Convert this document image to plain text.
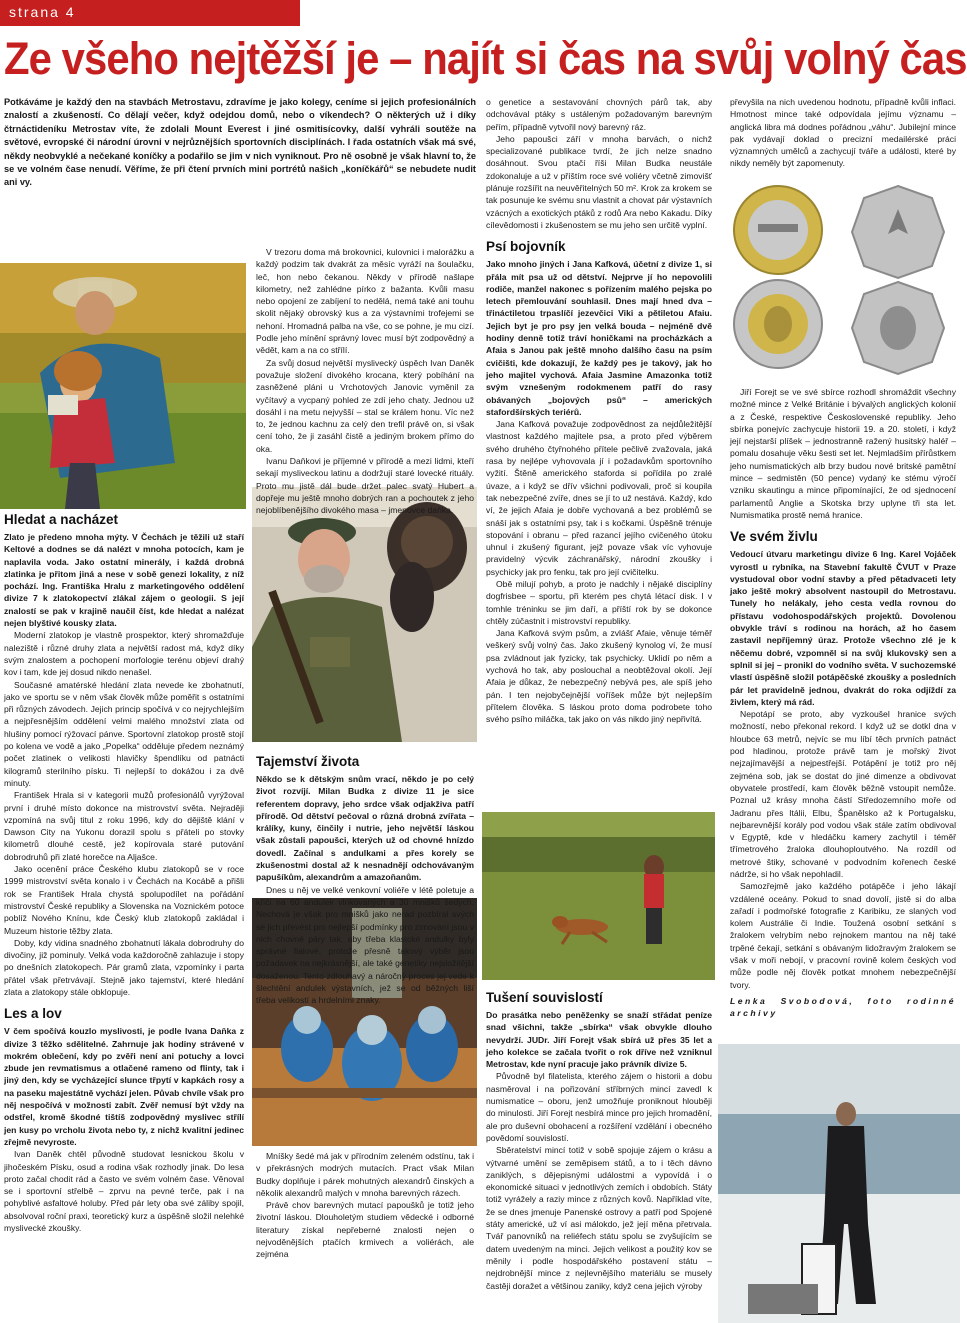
strana 4
Ze všeho nejtěžší je – najít si čas na svůj volný čas
Potkáváme je každý den na stavbách Metrostavu, zdravíme je jako kolegy, ceníme si jejich profesionálních znalostí a zkušeností. Co dělají večer, když odejdou domů, nebo o víkendech? O některých už i díky čtrnáctideníku Metrostav víte, že zdolali Mount Everest i jiné osmitisícovky, další vyhráli soutěže na světové, evropské či národní úrovni v nejrůznějších sportovních disciplínách. I řada ostatních však má své, někdy neobvyklé a nečekané koníčky a podařilo se jim v nich vyniknout. Pro ně osobně je však hlavní to, že se ve volném čase nenudí. Věříme, že při čtení prvních mini portrétů našich „koníčkářů“ se nebudete nudit ani vy.
Hledat a nacházet

Zlato je předeno mnoha mýty. V Čechách je těžili už staří Keltové a dodnes se dá nalézt v mnoha potocích, kam je naplavila voda. Jako ostatní minerály, i každá drobná zlatinka je přitom jiná a nese v sobě genezi lokality, z níž pochází. Ing. Františka Hralu z marketingového oddělení divize 7 k zlatokopectví zlákal zájem o geologii. S její znalostí se pak v krajině naučil číst, kde hledat a nalézat nejen blyštivé kousky zlata.

Moderní zlatokop je vlastně prospektor, který shromažďuje naleziště i různé druhy zlata a největší radost má, když díky svým znalostem a pochopení morfologie terénu objeví drahý kov i tam, kde jej dosud nikdo nenašel.

Současné amatérské hledání zlata nevede ke zbohatnutí, jako ve sportu se v něm však člověk může poměřit s ostatními při různých závodech. Jejich princip spočívá v co nejrychlejším a nejpřesnějším oddělení velmi malého množství zlata od hlušiny pomocí rýžovací pánve. Sportovní zlatokop prostě stojí po kolena ve vodě a jako „Popelka“ odděluje předem neznámý počet zlatinek o velikosti hlavičky špendlíku od patnácti kilogramů sterilního písku. Ti nejlepší to dokážou i za dvě minuty.

František Hrala si v kategorii mužů profesionálů vyrýžoval první i druhé místo dokonce na mistrovství světa. Nejraději vzpomíná na svůj titul z roku 1996, kdy do dějiště klání v Dawson City na Yukonu dorazil spolu s přáteli po stovky kilometrů dlouhé cestě, jež kopírovala staré putování dobrodruhů při zlaté horečce na Aljašce.

Jako ocenění práce Českého klubu zlatokopů se v roce 1999 mistrovství světa konalo i v Čechách na Kocábě a přišli rok se František Hrala chystá spolupodílet na pořádání mistrovství České republiky a Slovenska na Voznickém potoce poblíž Nového Knínu, kde Český klub zlatokopů zakládal i Muzeum historie těžby zlata.

Doby, kdy vidina snadného zbohatnutí lákala dobrodruhy do divočiny, již pominuly. Velká voda každoročně zahlazuje i stopy po dnešních zlatokopech. Pár gramů zlata, vzpomínky i parta přátel však přetrvávají. Stejně jako tajemství, které hledání zlata a zlatokopy stále obklopuje.

Les a lov

V čem spočívá kouzlo myslivosti, je podle Ivana Daňka z divize 3 těžko sdělitelné. Zahrnuje jak hodiny strávené v mokrém oblečení, kdy po zvěři není ani potuchy a lovci zbude jen revmatismus a otlačené rameno od flinty, tak i jiný den, kdy se vycházející slunce třpytí v kapkách rosy a na paseku majestátně vychází jelen. Půvab chvíle však pro něj nespočívá v možnosti zabít. Zvěř nemusí být vždy na odstřel, kromě škodné tištíš zodpovědný myslivec střílí jen kusy po vrcholu života nebo ty, z nichž kvalitní jedinec zřejmě nevyroste.

Ivan Daněk chtěl původně studovat lesnickou školu v jihočeském Písku, osud a rodina však rozhodly jinak. Do lesa proto začal chodit rád a často ve svém volném čase. Věnoval se i sportovní střelbě – zprvu na pevné terče, pak i na pohyblivé asfaltové holuby. Před pár lety oba své záliby spojil, absolvoval roční praxi, teoretický kurz a úspěšně složil nelehké myslivecké zkoušky.

V trezoru doma má brokovnici, kulovnici i malorážku a každý podzim tak dvakrát za měsíc vyráží na šoulačku, leč, hon nebo čekanou. Někdy v přírodě našlape kilometry, než zahlédne pírko z bažanta. Kvůli masu nebo opojení ze zabíjení to nedělá, nemá také ani touhu skolit nějaký obrovský kus a za výstavními trofejemi se nehoní. Hromadná palba na vše, co se pohne, je mu cizí. Podle jeho mínění správný lovec musí být zodpovědný a vědět, kam a na co střílí.

Za svůj dosud největší myslivecký úspěch Ivan Daněk považuje složení divokého krocana, který pobíhání na zasněžené pláni u Vrchotových Janovic vyměnil za vyčítavý a vycpaný pohled ze zdí jeho chaty. Jednou už dosáhl i na metu nejvyšší – stal se králem honu. Víc než to, že jednou kachnu za celý den trefil právě on, si však cení toho, že ji zasáhl čistě a jediným brokem přímo do oka.

Ivanu Daňkovi je příjemné v přírodě a mezi lidmi, kteří sekají mysliveckou latinu a dodržují staré lovecké rituály. Proto mu jistě dál bude držet palec svatý Hubert a dopřeje mu ještě mnoho dobrých ran a pochoutek z jeho nejoblíbenějšího divokého masa – jmenovce daňka.

Tajemství života

Někdo se k dětským snům vrací, někdo je po celý život rozvíjí. Milan Budka z divize 11 je sice referentem dopravy, jeho srdce však odjakživa patří přírodě. Od dětství pečoval o různá drobná zvířata – králíky, kuny, činčily i nutrie, jeho největší láskou však zůstali papoušci, kterých už od chovné hnízdo dovedl. Začínal s andulkami a přes korely se zkušenostmi dostal až k nesnadnějí odchovávaným papušíkům, alexandrům a amazoňanům.

Dnes u něj ve velké venkovní voliéře v létě poletuje a křičí na 60 andulek vlnkovaných a 30 mnišků šedých. Nechová je však pro mnišků jako nerad pozbíral svých se jich převést pro nejlepší podmínky pro zimování jsou v nich chovné páry tak, aby třeba klasické andulky byly správné fialové, protože přesně takový výběr jsou požadavek na nejkrásnější, ale také genetiky nejsložitější dosaženou. Tento zdlouhavý a náročný proces jej vede k šlechtění andulek výstavních, jež se od běžných liší třeba velikostí a hrdelními znaky.

Mníšky šedé má jak v přírodním zeleném odstínu, tak i v překrásných modrých mutacích. Pract však Milan Budky doplňuje i párek mohutných alexandrů činských a několik alexandrů malých v mnoha barevných rázech.

Právě chov barevných mutací papoušků je totiž jeho životní láskou. Dlouholetým studiem vědecké i odborné literatury získal nepřeberné znalosti nejen o nejvoděnějších ptačích krmivech a voliérách, ale zejména

o genetice a sestavování chovných párů tak, aby odchovával ptáky s ustáleným požadovaným barevným peřím, případně vytvořil nový barevný ráz.

Jeho papoušci září v mnoha barvách, o nichž specializované publikace tvrdí, že jich nelze snadno dosáhnout. Svou ptačí říši Milan Budka neustále zdokonaluje a už v příštím roce své voliéry včetně zimovišť plánuje rozšířit na neuvěřitelných 50 m². Krok za krokem se tak posunuje ke svému snu vlastnit a chovat pár výstavních vzácných a exotických ptáků z rodů Ara nebo Kakadu. Díky cílevědomosti i zkušenostem se mu jeho sen určitě vyplní.

Psí bojovník

Jako mnoho jiných i Jana Kafková, účetní z divize 1, si přála mít psa už od dětství. Nejprve jí ho nepovolili rodiče, manžel nakonec s pořízením malého pejska po letech přemlouvání souhlasil. Dnes mají hned dva – třináctiletou trpaslíčí jezevčici Viki a pětiletou Afaiu. Jejich byt je pro psy jen velká bouda – nejméně dvě hodiny denně totiž tráví honičkami na procházkách a Afaia s Janou pak ještě mnoho dalšího času na psím cvičišti, kde dokazují, že každý pes je takový, jak ho jeho majitel vychová. Afaia Jasmine Amazonka totiž svým vznešeným rodokmenem patří do rasy obávaných „bojových psů“ – amerických stafordšírských teriérů.

Jana Kafková považuje zodpovědnost za nejdůležitější vlastnost každého majitele psa, a proto před výběrem svého druhého čtyřnohého přítele pečlivě zvažovala, jaká rasa by nejlépe vyhovovala jí i požadavkům sportovního vyžití. Štěně amerického staforda si pořídila po zralé úvaze, a i když se dřív všichni podivovali, proč si koupila tak nebezpečné zvíře, dnes se jí to už nestává. Každý, kdo ví, že jejich Afaia je dobře vychovaná a bez problémů se snáší jak s ostatními psy, tak i s kočkami. Úspěšně trénuje stopování i obranu – před razancí jejího cvičeného útoku uhnul i zkušený figurant, jejž povaze však víc vyhovuje pravidelný výcvik záchranářský, národní zkoušky i psychicky jak pro fenku, tak pro její cvičitelku.

Obě milují pohyb, a proto je nadchly i nějaké disciplíny dogfrisbee – sportu, při kterém pes chytá létací disk. I v tomhle tréninku se jim daří, a příští rok by se dokonce chtěly zúčastnit i mistrovství republiky.

Jana Kafková svým psům, a zvlášť Afaie, věnuje téměř veškerý svůj volný čas. Jako zkušený kynolog ví, že musí psa zvládnout jak fyzicky, tak psychicky. Uklidí po něm a vychová ho tak, aby poslouchal a neobtěžoval okolí. Její Afaia je důkaz, že nebezpečný nebývá pes, ale spíš jeho pán. I ten nejobyčejnější voříšek může být nejlepším přítelem člověka. S láskou proto doma podrobete toho svého psího miláčka, tak jako on vás nikdo jiný nepřivítá.

Tušení souvislostí

Do prasátka nebo peněženky se snaží střádat peníze snad všichni, takže „sbírka“ však obvykle dlouho nevydrží. JUDr. Jiří Forejt však sbírá už přes 35 let a jeho kolekce se začala tvořit o rok dříve než vzniknul Metrostav, kde nyní pracuje jako právník divize 5.

Původně byl filatelista, kterého zájem o historii a dobu nasměroval i na pořizování stříbrných mincí zavedl k numismatice – oboru, jenž umožňuje proniknout hlouběji do minulosti. Jiří Forejt nesbírá mince pro jejich hromadění, ale pro duševní obohacení a rozšíření vzdělání i obecného povědomí souvislostí.

Sběratelství mincí totiž v sobě spojuje zájem o krásu a výtvarné umění se zeměpisem států, a to i těch dávno zaniklých, s dějepisnými událostmi a vypovídá i o ekonomické situaci v jednotlivých zemích i obdobích. Státy totiž vyrážely a raziy mince z různých kovů. Například víte, že se dnes jmenuje Panenské ostrovy a patří pod Spojené státy americké, už ví asi málokdo, jež její měna přetrvala. Tvář panovníků na reliéfech státu spolu se zvyšujícím se datem uvedeným na minci. Jejich velikost a použitý kov se měnily i podle hospodářského postavení státu – nejdrobnější mince z nejlevnějšího materiálu se musely častěji doražet a většinou zaniky, když cena jejich výroby

převyšila na nich uvedenou hodnotu, případně kvůli inflaci. Hmotnost mince také odpovídala jejímu významu – anglická libra má dodnes pořádnou „váhu“. Jubilejní mince pak vydávají doklad o precizní medailérské práci významných umělců a zachycují tváře a události, které by nikdy neměly být zapomenuty.

Jiří Forejt se ve své sbírce rozhodl shromáždit všechny možné mince z Velké Británie i bývalých anglických kolonií a z České, respektive Československé republiky. Jeho sbírka ponejvíc zachycuje historii 19. a 20. století, i když její nejstarší plíšek – jednostranně ražený husitský haléř – pomalu dosahuje věku šesti set let. Nejmladším přírůstkem jeho numismatických alb brzy budou nové britské pamětní mince – sedmistěn (50 pence) vydaný ke stému výročí vzniku skautingu a mince připomínající, že od sjednocení parlamentů Anglie a Skotska brzy uplyne tři sta let. Numismatika prostě nemá hranice.

Ve svém živlu

Vedoucí útvaru marketingu divize 6 Ing. Karel Vojáček vyrostl u rybníka, na Stavební fakultě ČVUT v Praze vystudoval obor vodní stavby a před pětadvaceti lety jako ještě mokrý absolvent nastoupil do Metrostavu. Tunely ho nelákaly, jeho cesta vedla rovnou do přístavu vodohospodářských projektů. Dovolenou obvykle tráví s rodinou na horách, až ho časem zastavil nepříjemný úraz. Protože všechno zlé je k něčemu dobré, vzpomněl si na svůj klukovský sen a splnil si jej – pronikl do vodního světa. V suchozemské vlastí úspěšně složil potápěčské zkoušky a posledních pár let pravidelně jednou, dvakrát do roka odjíždí za živlem, který má rád.

Nepotápí se proto, aby vyzkoušel hranice svých možností, nebo překonal rekord. I když už se dotkl dna v hloubce 63 metrů, nejvíc se mu líbí těch prvních patnáct pod hladinou, protože právě tam je mořský život nejzajímavější a nejpestřejší. Potápění je totiž pro něj zejména sob, jak se dostat do jiné dimenze a obdivovat obyvatele prostředí, kam člověk běžně vstoupit nemůže. Poznal už krásy mnoha částí Středozemního moře od Jadranu přes Itálii, Elbu, Španělsko až k Portugalsku, nejbarevnější korály pod vodou však stále zatím obdivoval v Egyptě, kde v hledáčku kamery zachytil i téměř třímetrového žraloka dlouhoploutvého. Na rozdíl od metrové štiky, schované v podvodním kořenech české nádrže, si ho však nepohladil.

Samozřejmě jako každého potápěče i jeho lákají vzdálené oceány. Pokud to snad dovolí, jistě si do alba zařadí i podmořské fotografie z Karibiku, ze slaných vod kolem Austrálie či Indie. Toužená osobní setkání s žralokem velrybím nebo rejnokem mantou na něj také trpěné čekají, setkání s obávaným lidožravým žralokem se však v moři nebojí, v pracovní rovině kolem českých vod může podle něj člověk potkat mnohem nebezpečnější tvory.

Lenka Svobodová, foto rodinné archivy
